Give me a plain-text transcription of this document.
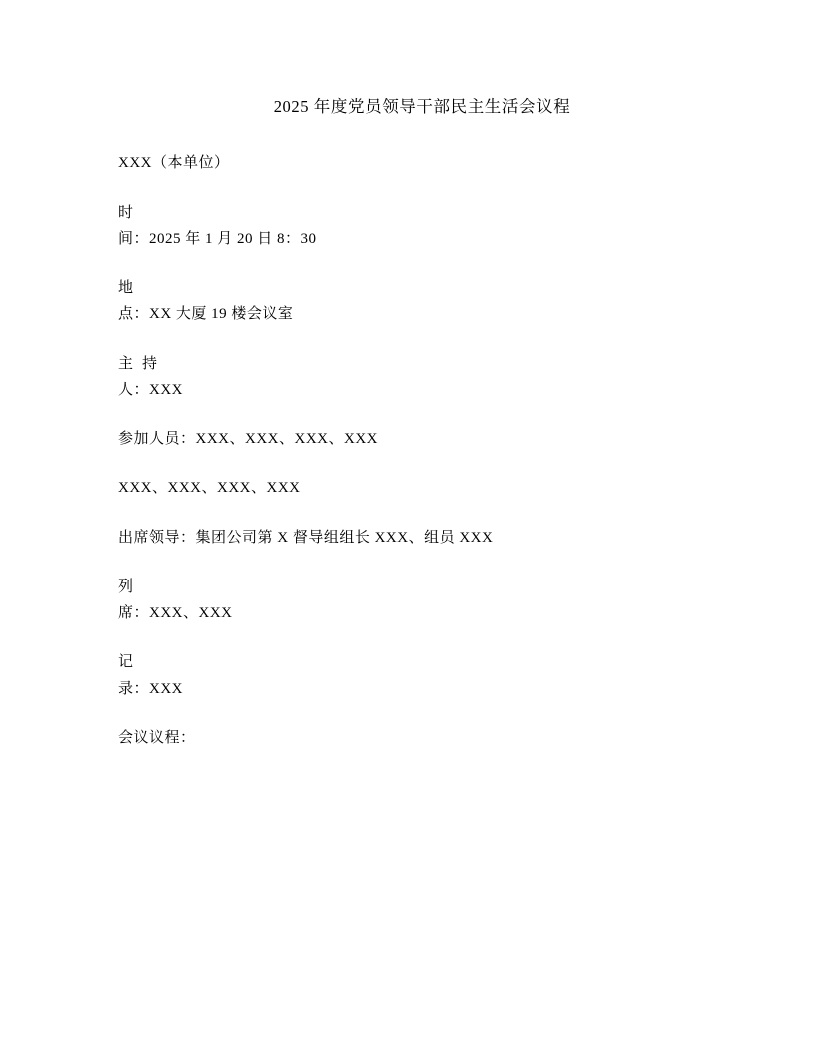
2025 年度党员领导干部民主生活会议程

XXX（本单位）

时

间：2025 年 1 月 20 日 8：30

地

点：XX 大厦 19 楼会议室

主  持

人：XXX

参加人员：XXX、XXX、XXX、XXX

XXX、XXX、XXX、XXX

出席领导：集团公司第 X 督导组组长 XXX、组员 XXX

列

席：XXX、XXX

记

录：XXX

会议议程：
